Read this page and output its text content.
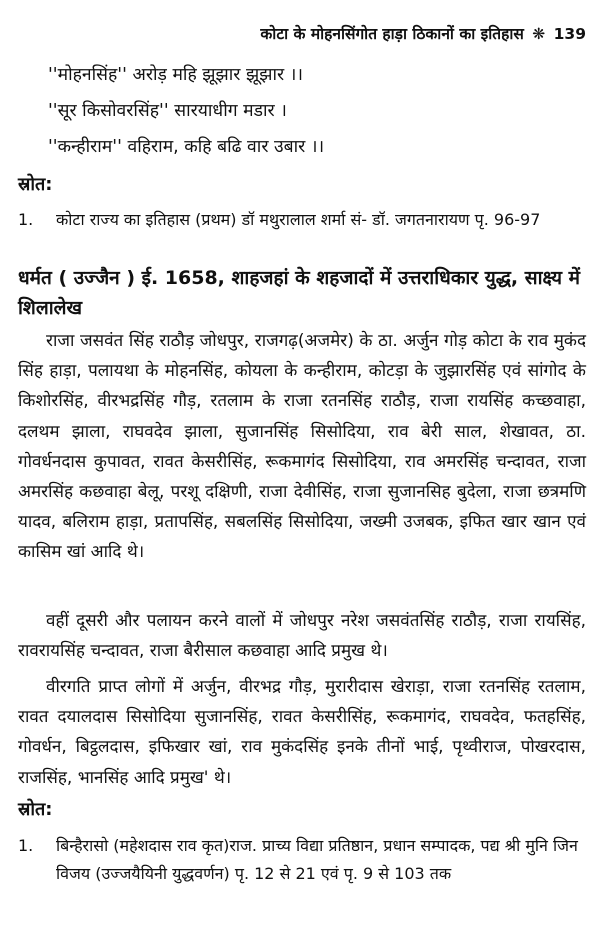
कोटा के मोहनसिंगोत हाड़ा ठिकानों का इतिहास ❋ 139
''मोहनसिंह'' अरोड़ महि झूझार झूझार ।।
''सूर किसोवरसिंह'' सारयाधीग मडार ।
''कन्हीराम'' वहिराम, कहि बढि वार उबार ।।
स्रोत:
1. कोटा राज्य का इतिहास (प्रथम) डॉ मथुरालाल शर्मा सं- डॉ. जगतनारायण पृ. 96-97
धर्मत ( उज्जैन ) ई. 1658, शाहजहां के शहजादों में उत्तराधिकार युद्ध, साक्ष्य में शिलालेख
राजा जसवंत सिंह राठौड़ जोधपुर, राजगढ़(अजमेर) के ठा. अर्जुन गोड़ कोटा के राव मुकंद सिंह हाड़ा, पलायथा के मोहनसिंह, कोयला के कन्हीराम, कोटड़ा के जुझारसिंह एवं सांगोद के किशोरसिंह, वीरभद्रसिंह गौड़, रतलाम के राजा रतनसिंह राठौड़, राजा रायसिंह कच्छवाहा, दलथम झाला, राघवदेव झाला, सुजानसिंह सिसोदिया, राव बेरी साल, शेखावत, ठा. गोवर्धनदास कुपावत, रावत केसरीसिंह, रूकमागंद सिसोदिया, राव अमरसिंह चन्दावत, राजा अमरसिंह कछवाहा बेलू, परशू दक्षिणी, राजा देवीसिंह, राजा सुजानसिह बुदेला, राजा छत्रमणि यादव, बलिराम हाड़ा, प्रतापसिंह, सबलसिंह सिसोदिया, जख्मी उजबक, इफित खार खान एवं कासिम खां आदि थे।
वहीं दूसरी और पलायन करने वालों में जोधपुर नरेश जसवंतसिंह राठौड़, राजा रायसिंह, रावरायसिंह चन्दावत, राजा बैरीसाल कछवाहा आदि प्रमुख थे।
वीरगति प्राप्त लोगों में अर्जुन, वीरभद्र गौड़, मुरारीदास खेराड़ा, राजा रतनसिंह रतलाम, रावत दयालदास सिसोदिया सुजानसिंह, रावत केसरीसिंह, रूकमागंद, राघवदेव, फतहसिंह, गोवर्धन, बिट्ठलदास, इफिखार खां, राव मुकंदसिंह इनके तीनों भाई, पृथ्वीराज, पोखरदास, राजसिंह, भानसिंह आदि प्रमुख' थे।
स्रोत:
1. बिन्हैरासो (महेशदास राव कृत)राज. प्राच्य विद्या प्रतिष्ठान, प्रधान सम्पादक, पद्य श्री मुनि जिन विजय (उज्जयैयिनी युद्धवर्णन) पृ. 12 से 21 एवं पृ. 9 से 103 तक
